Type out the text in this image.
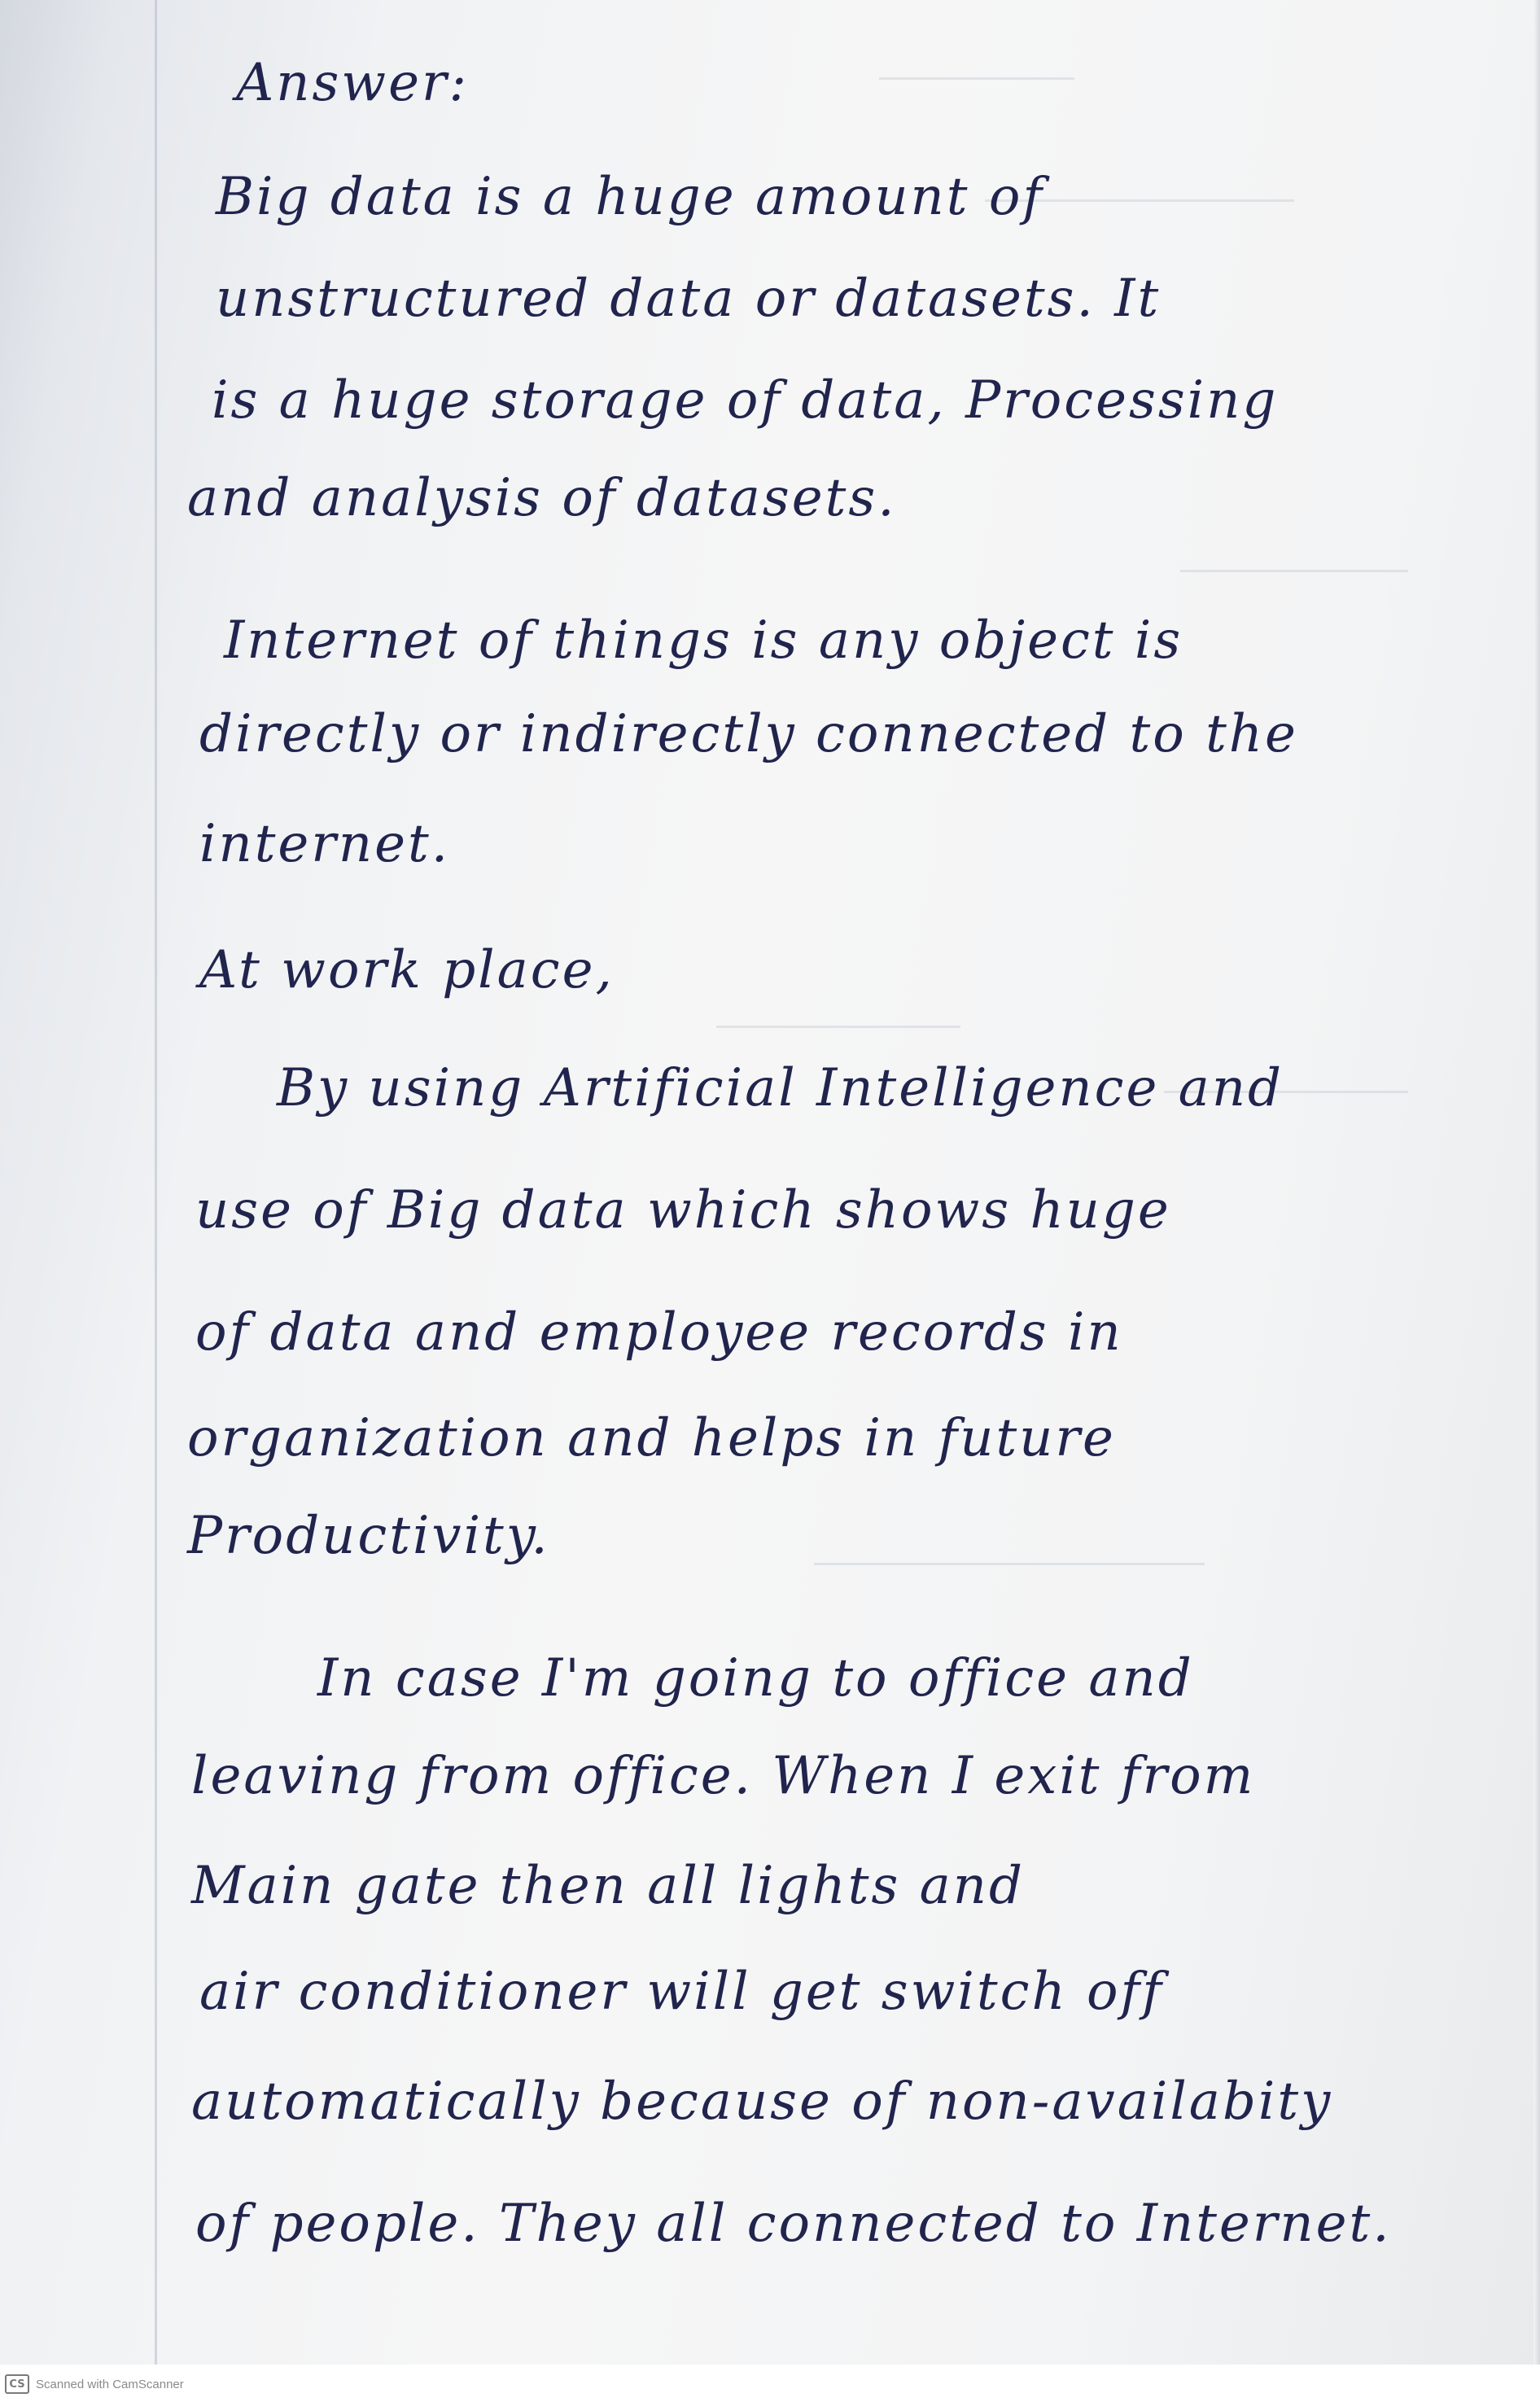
Answer:
Big data is a huge amount of
unstructured data or datasets. It
is a huge storage of data, Processing
and analysis of datasets.
Internet of things is any object is
directly or indirectly connected to the
internet.
At work place,
By using Artificial Intelligence and
use of Big data which shows huge
of data and employee records in
organization and helps in future
Productivity.
In case I'm going to office and
leaving from office. When I exit from
Main gate then all lights and
air conditioner will get switch off
automatically because of non-availabity
of people. They all connected to Internet.
CS Scanned with CamScanner
